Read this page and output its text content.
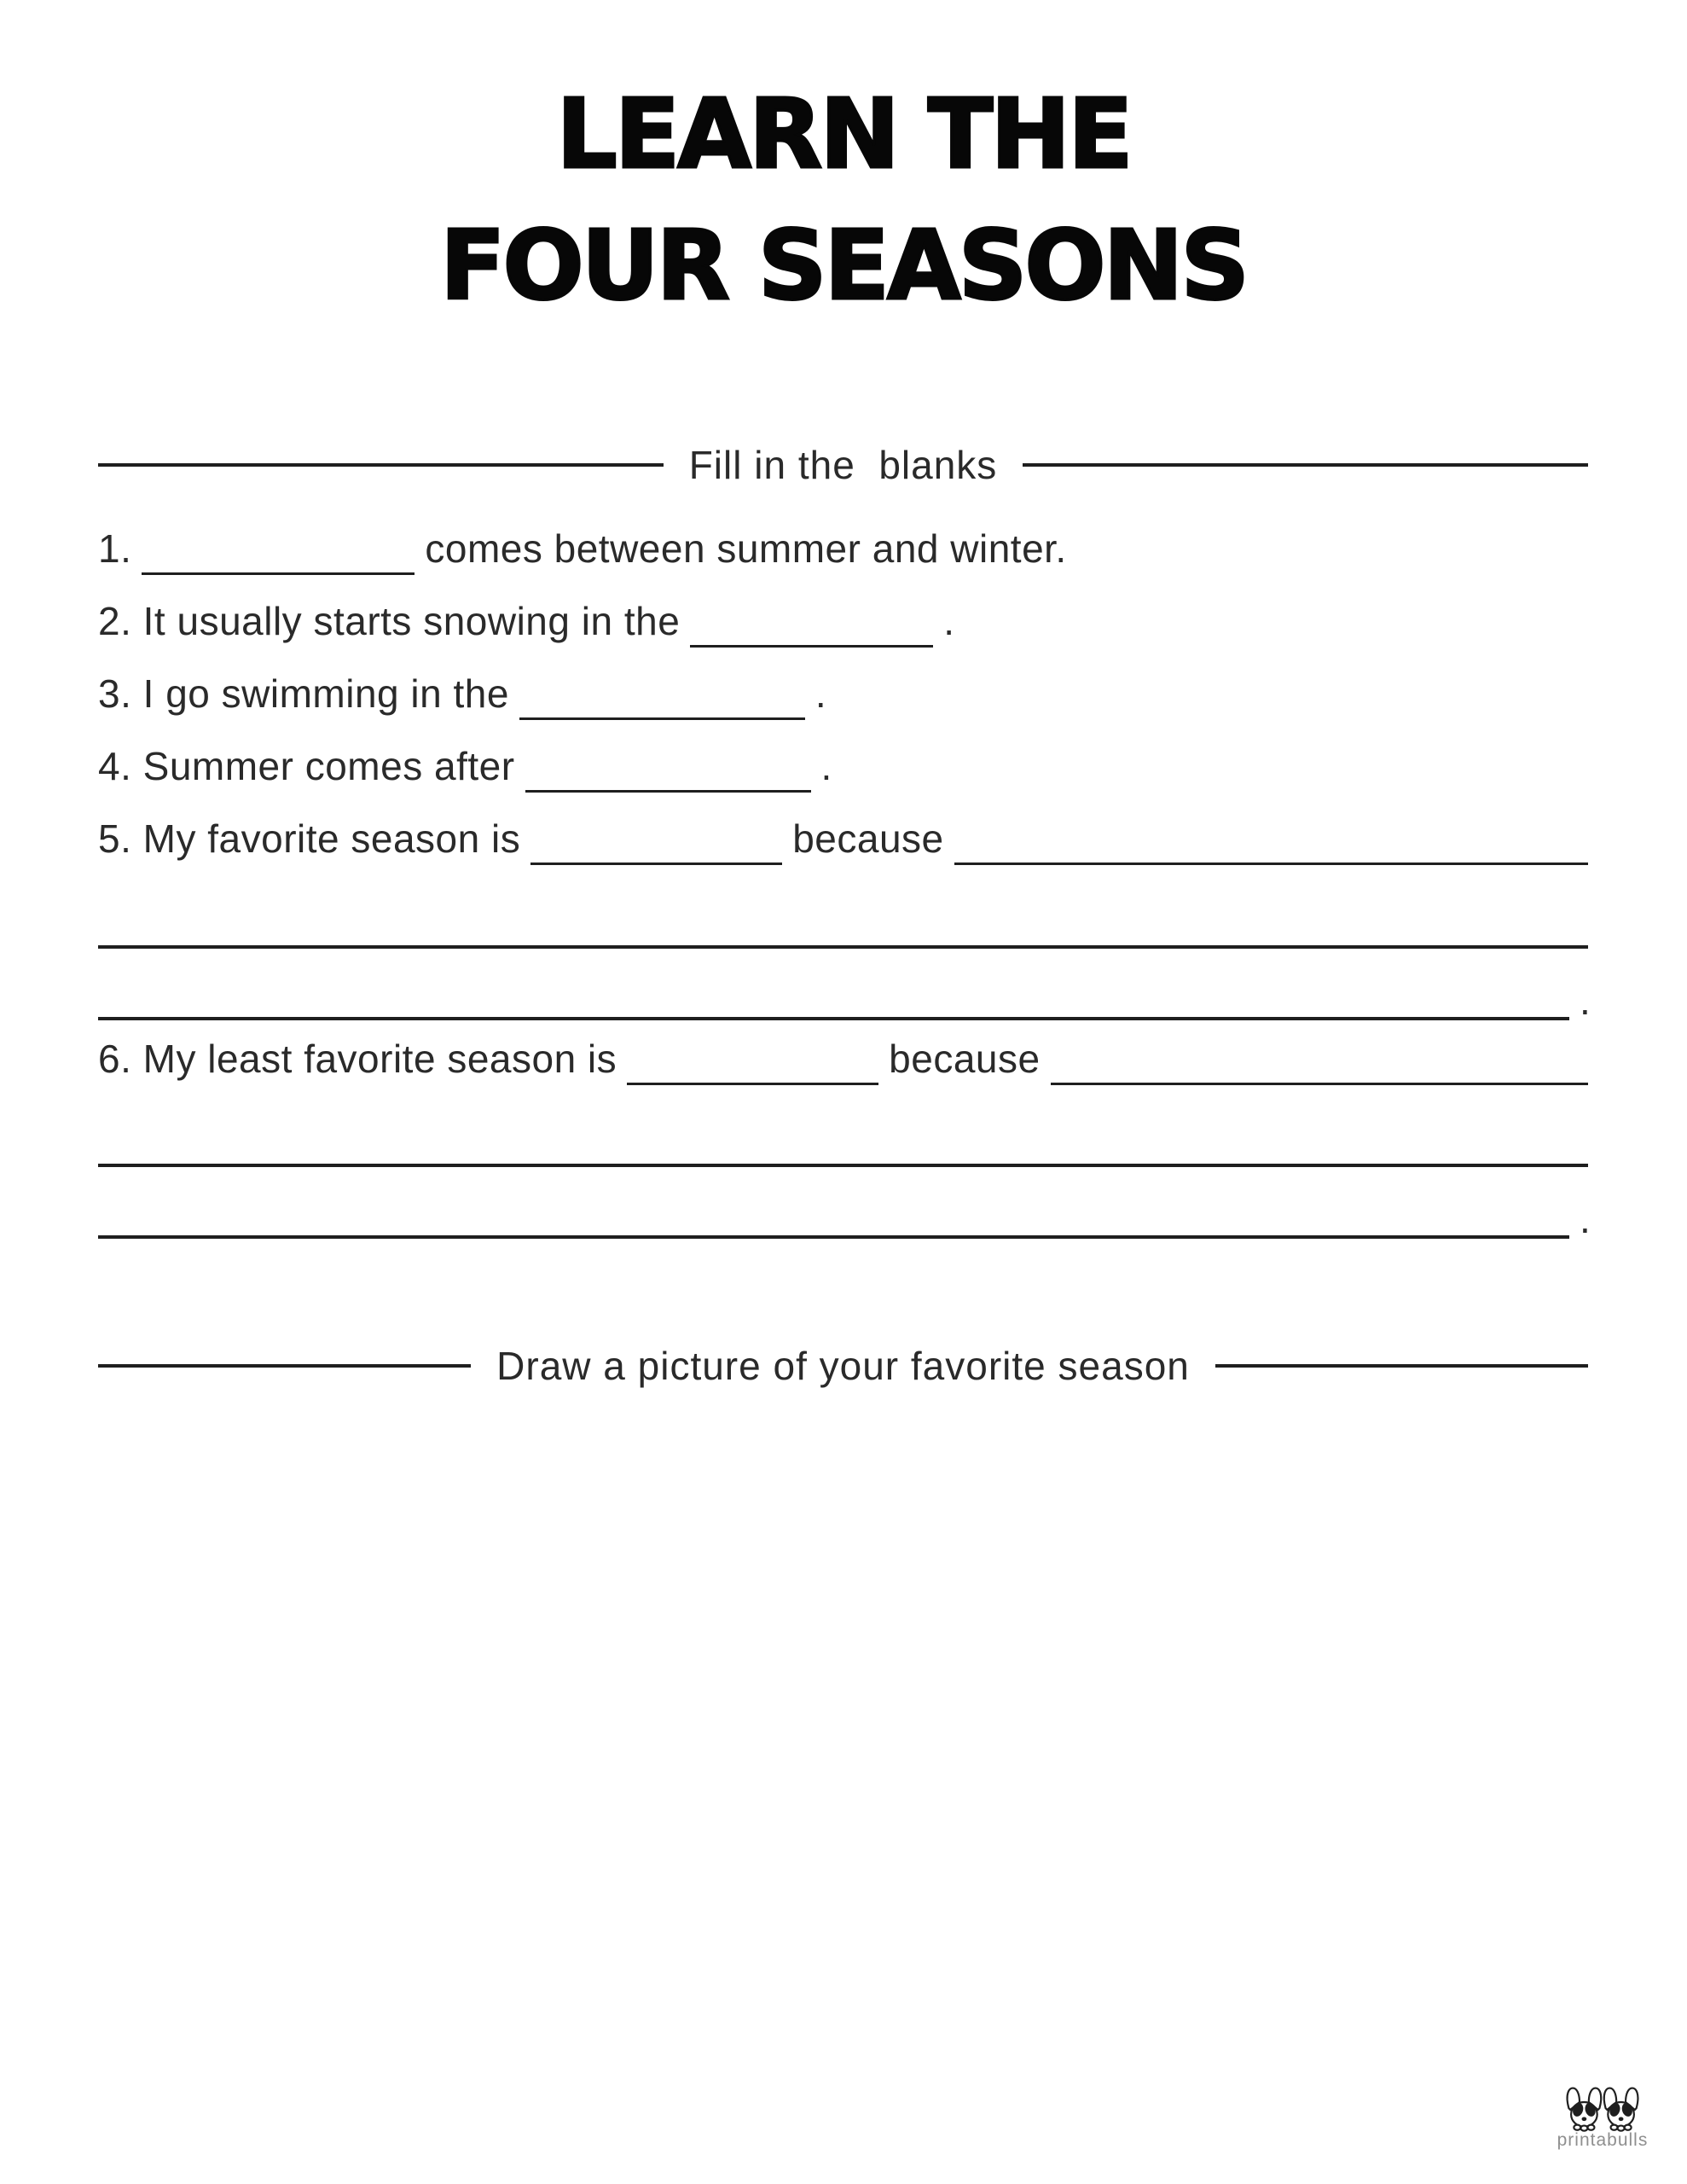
LEARN THE
FOUR SEASONS
Fill in the  blanks
1.	comes between summer and winter.
2. It usually starts snowing in the	.
3. I go swimming in the	.
4. Summer comes after	.
5. My favorite season is	because
.
6. My least favorite season is	because
.
Draw a picture of your favorite season
printabulls
